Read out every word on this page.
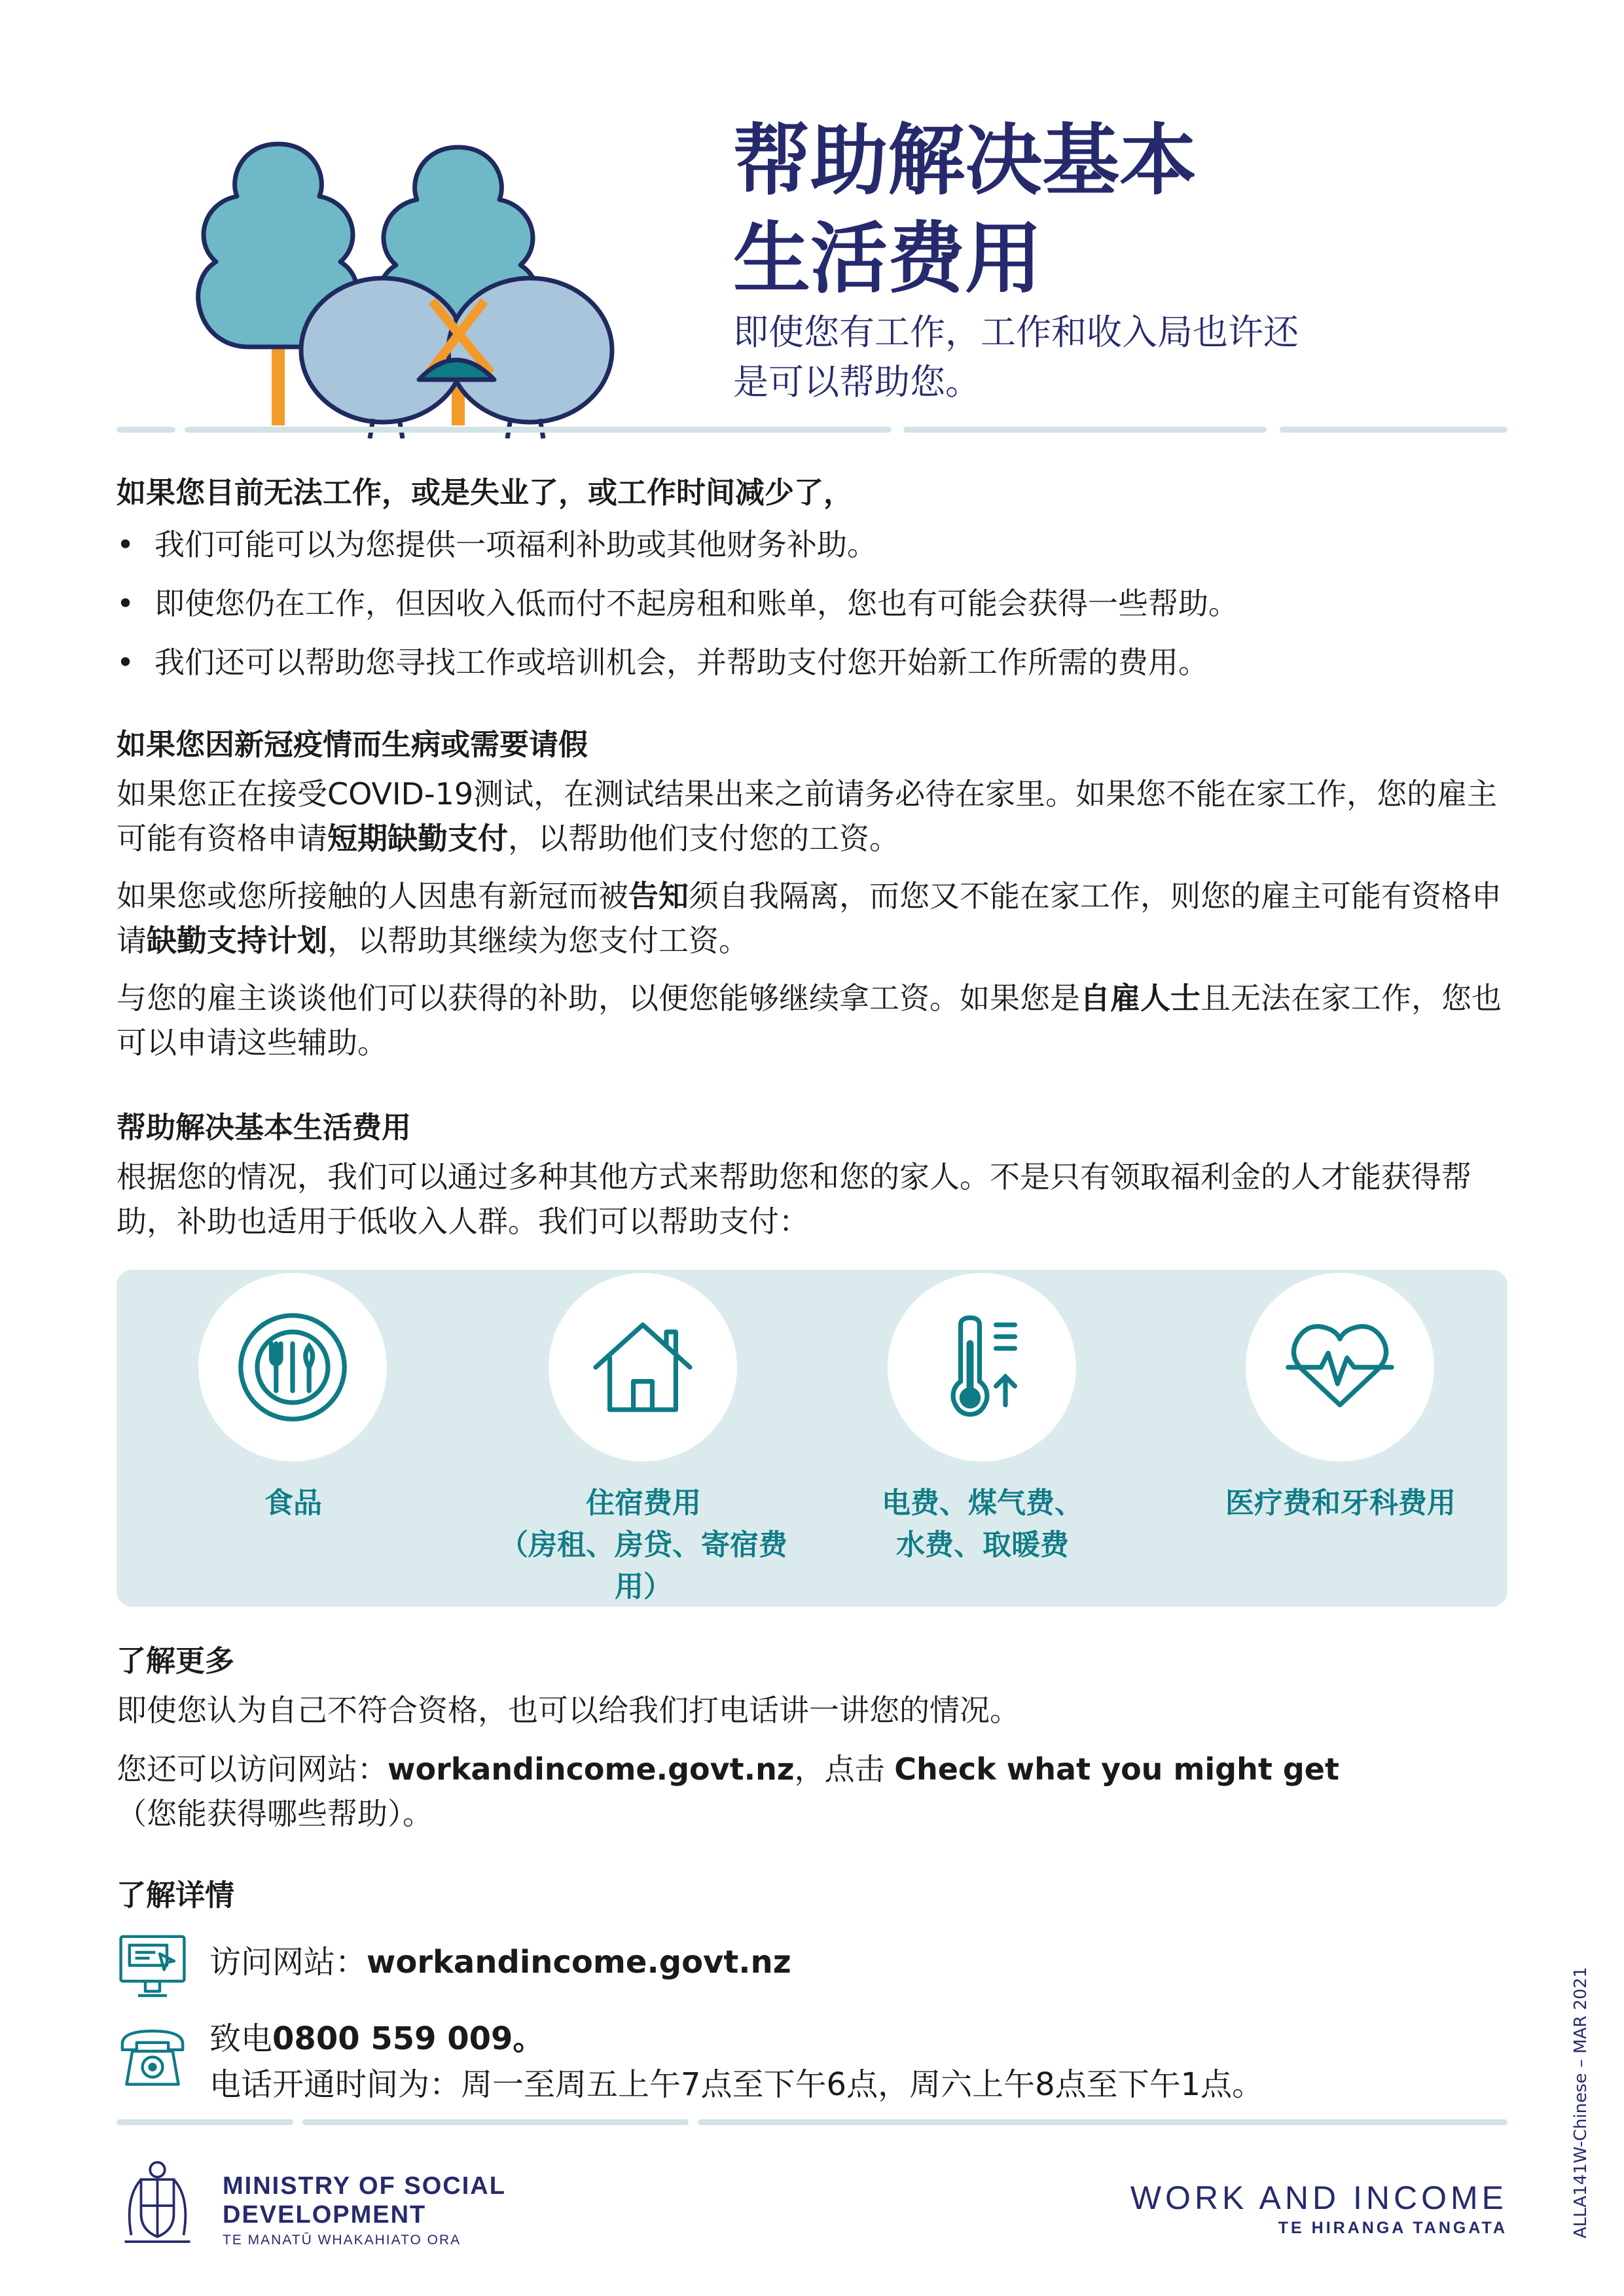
帮助解决基本
生活费用

即使您有工作，工作和收入局也许还
是可以帮助您。

如果您目前无法工作，或是失业了，或工作时间减少了，

• 我们可能可以为您提供一项福利补助或其他财务补助。
• 即使您仍在工作，但因收入低而付不起房租和账单，您也有可能会获得一些帮助。
• 我们还可以帮助您寻找工作或培训机会，并帮助支付您开始新工作所需的费用。

如果您因新冠疫情而生病或需要请假

如果您正在接受COVID-19测试，在测试结果出来之前请务必待在家里。如果您不能在家工作，您的雇主可能有资格申请短期缺勤支付，以帮助他们支付您的工资。

如果您或您所接触的人因患有新冠而被告知须自我隔离，而您又不能在家工作，则您的雇主可能有资格申请缺勤支持计划，以帮助其继续为您支付工资。

与您的雇主谈谈他们可以获得的补助，以便您能够继续拿工资。如果您是自雇人士且无法在家工作，您也可以申请这些辅助。

帮助解决基本生活费用

根据您的情况，我们可以通过多种其他方式来帮助您和您的家人。不是只有领取福利金的人才能获得帮助，补助也适用于低收入人群。我们可以帮助支付：

食品	住宿费用
（房租、房贷、寄宿费用）
电费、煤气费、
水费、取暖费
医疗费和牙科费用

了解更多

即使您认为自己不符合资格，也可以给我们打电话讲一讲您的情况。

您还可以访问网站：workandincome.govt.nz，点击 Check what you might get
（您能获得哪些帮助）。

了解详情

访问网站：workandincome.govt.nz
致电0800 559 009。
电话开通时间为：周一至周五上午7点至下午6点，周六上午8点至下午1点。
MINISTRY OF SOCIAL
DEVELOPMENT
TE MANATŪ WHAKAHIATO ORA
WORK AND INCOME
TE HIRANGA TANGATA	ALLA141W-Chinese – MAR 2021
